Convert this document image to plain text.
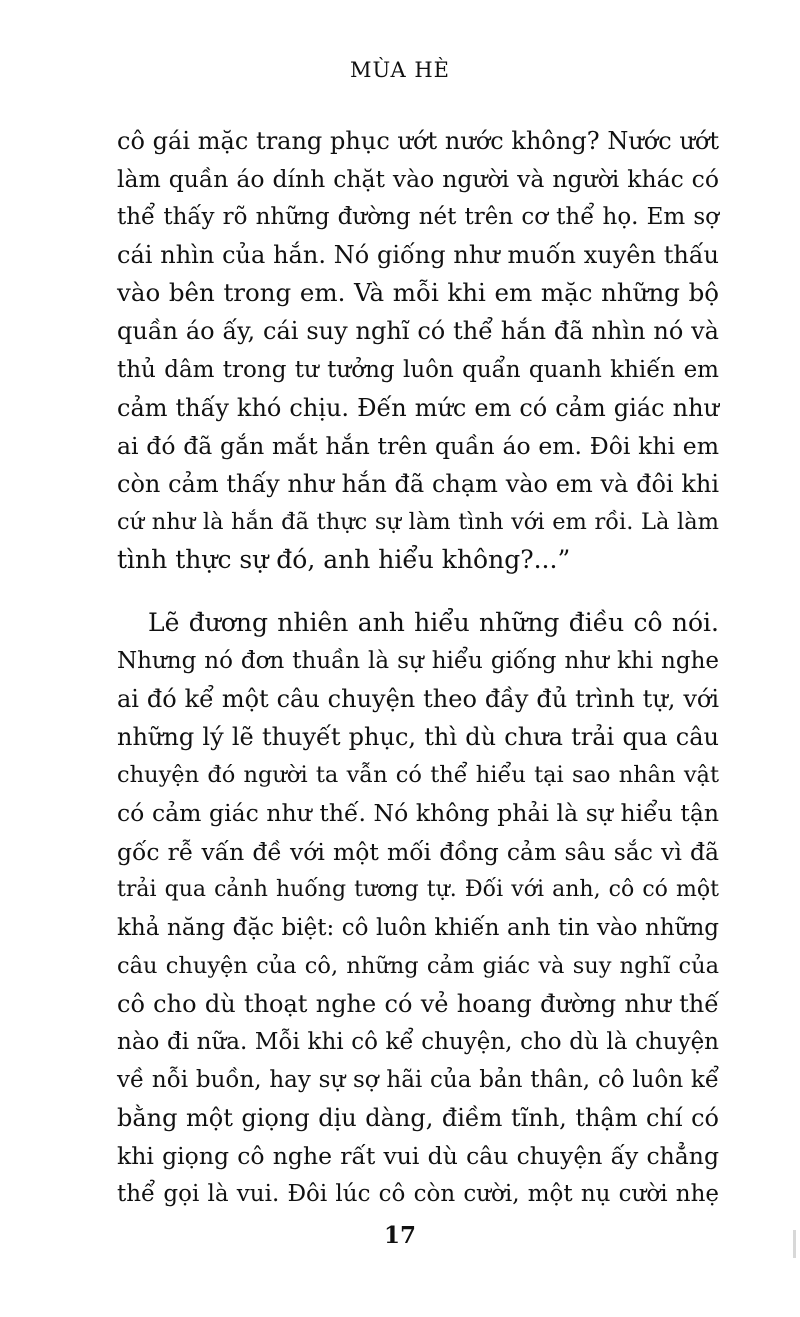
MÙA HÈ
cô gái mặc trang phục ướt nước không? Nước ướt
làm quần áo dính chặt vào người và người khác có
thể thấy rõ những đường nét trên cơ thể họ. Em sợ
cái nhìn của hắn. Nó giống như muốn xuyên thấu
vào bên trong em. Và mỗi khi em mặc những bộ
quần áo ấy, cái suy nghĩ có thể hắn đã nhìn nó và
thủ dâm trong tư tưởng luôn quẩn quanh khiến em
cảm thấy khó chịu. Đến mức em có cảm giác như
ai đó đã gắn mắt hắn trên quần áo em. Đôi khi em
còn cảm thấy như hắn đã chạm vào em và đôi khi
cứ như là hắn đã thực sự làm tình với em rồi. Là làm
tình thực sự đó, anh hiểu không?...”
Lẽ đương nhiên anh hiểu những điều cô nói.
Nhưng nó đơn thuần là sự hiểu giống như khi nghe
ai đó kể một câu chuyện theo đầy đủ trình tự, với
những lý lẽ thuyết phục, thì dù chưa trải qua câu
chuyện đó người ta vẫn có thể hiểu tại sao nhân vật
có cảm giác như thế. Nó không phải là sự hiểu tận
gốc rễ vấn đề với một mối đồng cảm sâu sắc vì đã
trải qua cảnh huống tương tự. Đối với anh, cô có một
khả năng đặc biệt: cô luôn khiến anh tin vào những
câu chuyện của cô, những cảm giác và suy nghĩ của
cô cho dù thoạt nghe có vẻ hoang đường như thế
nào đi nữa. Mỗi khi cô kể chuyện, cho dù là chuyện
về nỗi buồn, hay sự sợ hãi của bản thân, cô luôn kể
bằng một giọng dịu dàng, điềm tĩnh, thậm chí có
khi giọng cô nghe rất vui dù câu chuyện ấy chẳng
thể gọi là vui. Đôi lúc cô còn cười, một nụ cười nhẹ
17
